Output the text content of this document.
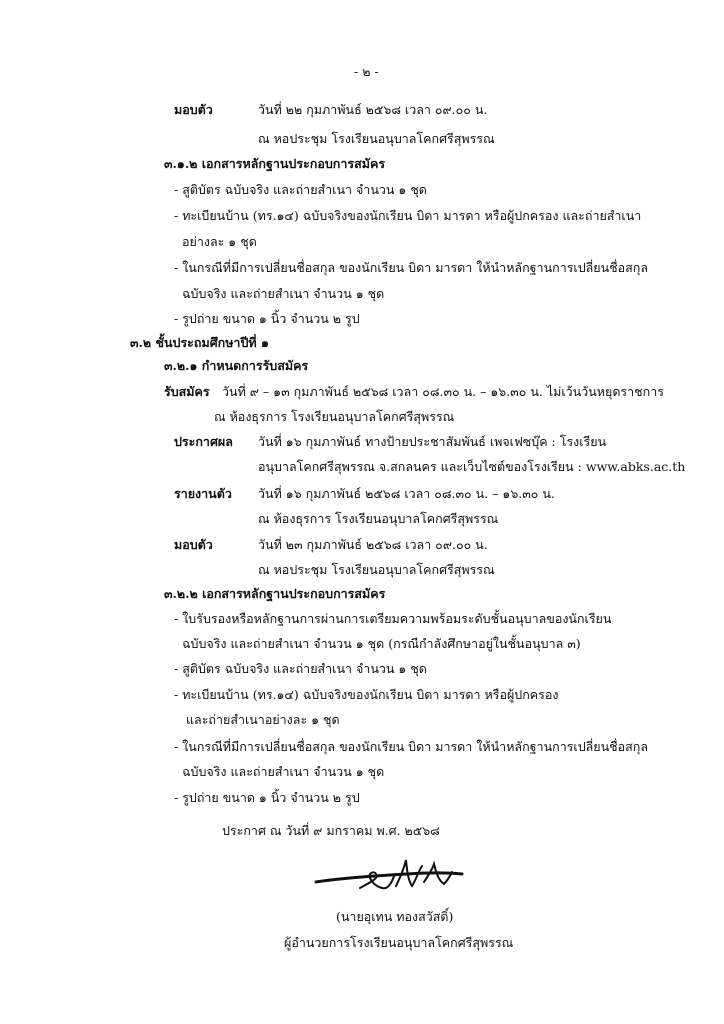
- ๒ -
มอบตัว	วันที่ ๒๒ กุมภาพันธ์ ๒๕๖๘ เวลา ๐๙.๐๐ น.
ณ หอประชุม โรงเรียนอนุบาลโคกศรีสุพรรณ
๓.๑.๒ เอกสารหลักฐานประกอบการสมัคร
- สูติบัตร ฉบับจริง และถ่ายสำเนา จำนวน ๑ ชุด
- ทะเบียนบ้าน (ทร.๑๔) ฉบับจริงของนักเรียน บิดา มารดา หรือผู้ปกครอง และถ่ายสำเนา
อย่างละ ๑ ชุด
- ในกรณีที่มีการเปลี่ยนชื่อสกุล ของนักเรียน บิดา มารดา ให้นำหลักฐานการเปลี่ยนชื่อสกุล
ฉบับจริง และถ่ายสำเนา จำนวน ๑ ชุด
- รูปถ่าย ขนาด ๑ นิ้ว จำนวน ๒ รูป
๓.๒ ชั้นประถมศึกษาปีที่ ๑
๓.๒.๑ กำหนดการรับสมัคร
รับสมัคร วันที่ ๙ – ๑๓ กุมภาพันธ์ ๒๕๖๘ เวลา ๐๘.๓๐ น. – ๑๖.๓๐ น. ไม่เว้นวันหยุดราชการ
ณ ห้องธุรการ โรงเรียนอนุบาลโคกศรีสุพรรณ
ประกาศผล วันที่ ๑๖ กุมภาพันธ์ ทางป้ายประชาสัมพันธ์ เพจเฟซบุ๊ค : โรงเรียน
อนุบาลโคกศรีสุพรรณ จ.สกลนคร และเว็บไซต์ของโรงเรียน : www.abks.ac.th
รายงานตัว วันที่ ๑๖ กุมภาพันธ์ ๒๕๖๘ เวลา ๐๘.๓๐ น. – ๑๖.๓๐ น.
ณ ห้องธุรการ โรงเรียนอนุบาลโคกศรีสุพรรณ
มอบตัว	วันที่ ๒๓ กุมภาพันธ์ ๒๕๖๘ เวลา ๐๙.๐๐ น.
ณ หอประชุม โรงเรียนอนุบาลโคกศรีสุพรรณ
๓.๒.๒ เอกสารหลักฐานประกอบการสมัคร
- ใบรับรองหรือหลักฐานการผ่านการเตรียมความพร้อมระดับชั้นอนุบาลของนักเรียน
ฉบับจริง และถ่ายสำเนา จำนวน ๑ ชุด (กรณีกำลังศึกษาอยู่ในชั้นอนุบาล ๓)
- สูติบัตร ฉบับจริง และถ่ายสำเนา จำนวน ๑ ชุด
- ทะเบียนบ้าน (ทร.๑๔) ฉบับจริงของนักเรียน บิดา มารดา หรือผู้ปกครอง
และถ่ายสำเนาอย่างละ ๑ ชุด
- ในกรณีที่มีการเปลี่ยนชื่อสกุล ของนักเรียน บิดา มารดา ให้นำหลักฐานการเปลี่ยนชื่อสกุล
ฉบับจริง และถ่ายสำเนา จำนวน ๑ ชุด
- รูปถ่าย ขนาด ๑ นิ้ว จำนวน ๒ รูป
ประกาศ ณ วันที่ ๙ มกราคม พ.ศ. ๒๕๖๘
(นายอุเทน ทองสวัสดิ์)
ผู้อำนวยการโรงเรียนอนุบาลโคกศรีสุพรรณ
